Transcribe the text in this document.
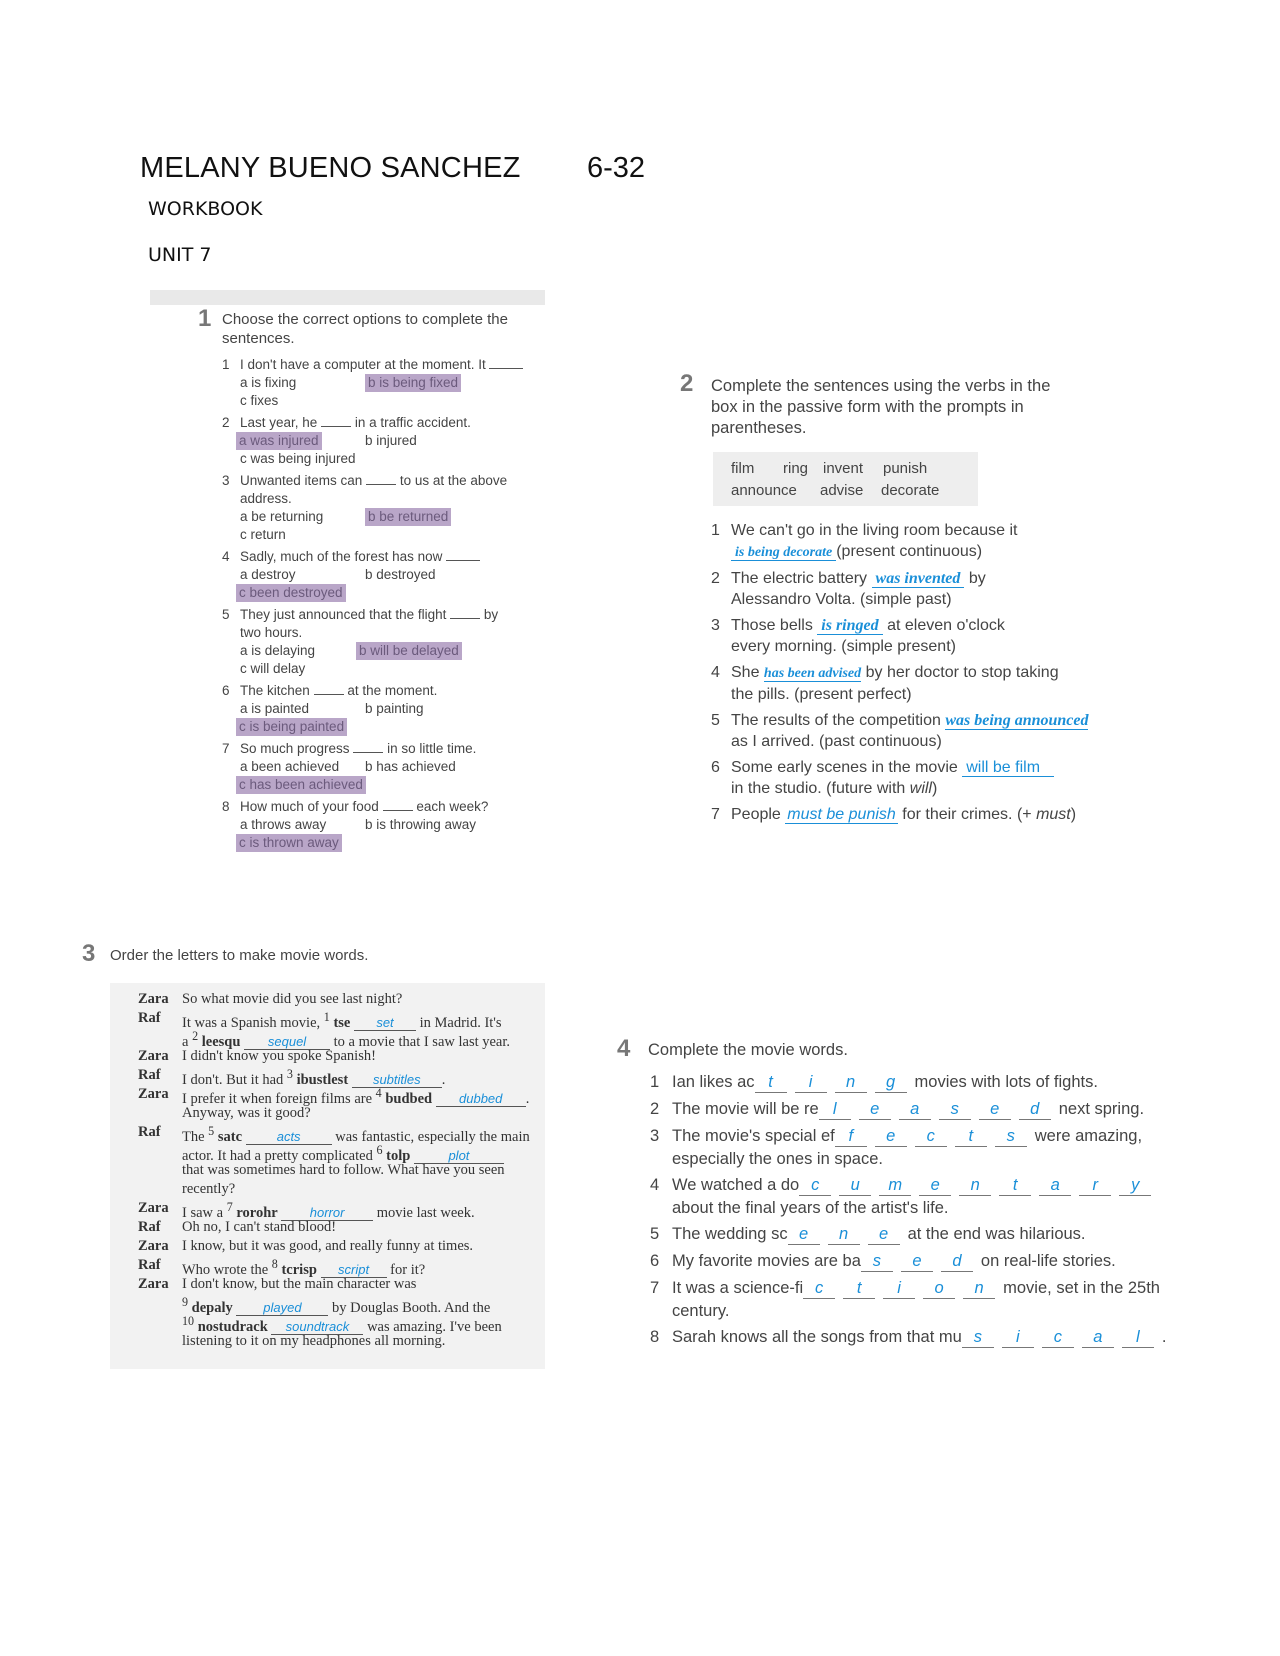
MELANY BUENO SANCHEZ 6-32
WORKBOOK
UNIT 7
1 Choose the correct options to complete the
sentences.
1 I don't have a computer at the moment. It
a is fixing	b is being fixed
c fixes
2 Last year, he	in a traffic accident.
a was injured	b injured
c was being injured
3 Unwanted items can	to us at the above
address.
a be returning	b be returned
c return
4 Sadly, much of the forest has now
a destroy	b destroyed
c been destroyed
5 They just announced that the flight	by
two hours.
a is delaying	b will be delayed
c will delay
6 The kitchen	at the moment.
a is painted	b painting
c is being painted
7 So much progress	in so little time.
a been achieved b has achieved
c has been achieved
8 How much of your food	each week?
a throws away	b is throwing away
c is thrown away
2 Complete the sentences using the verbs in the
box in the passive form with the prompts in
parentheses.
film ring invent punish
announce advise decorate
1 We can't go in the living room because it
is being decorate (present continuous)
2 The electric battery was invented by
Alessandro Volta. (simple past)
3 Those bells is ringed at eleven o'clock
every morning. (simple present)
4 She has been advised by her doctor to stop taking
the pills. (present perfect)
5 The results of the competition was being announced
as I arrived. (past continuous)
6 Some early scenes in the movie will be film
in the studio. (future with will)
7 People must be punish for their crimes. (+ must)
3 Order the letters to make movie words.
Zara So what movie did you see last night?
Raf It was a Spanish movie, $^1$ tse set in Madrid. It's
a $^2$ leesqu sequel to a movie that I saw last year.
Zara I didn't know you spoke Spanish!
Raf I don't. But it had $^3$ ibustlest subtitles .
Zara I prefer it when foreign films are $^4$ budbed dubbed .
Anyway, was it good?
Raf The $^5$ satc acts was fantastic, especially the main
actor. It had a pretty complicated $^6$ tolp	plot
that was sometimes hard to follow. What have you seen
recently?
Zara I saw a $^7$ rorohr horror movie last week.
Raf Oh no, I can't stand blood!
Zara I know, but it was good, and really funny at times.
Raf Who wrote the $^8$ tcrisp script for it?
Zara I don't know, but the main character was
$^9$ depaly played by Douglas Booth. And the
$^{10}$ nostudrack soundtrack was amazing. I've been
listening to it on my headphones all morning.
4 Complete the movie words.
1 Ian likes ac t i n g movies with lots of fights.
2 The movie will be re l e a s e d next spring.
3 The movie's special ef f e c t s were amazing,
especially the ones in space.
4 We watched a do c u m e n t a r y
about the final years of the artist's life.
5 The wedding sc e n e at the end was hilarious.
6 My favorite movies are ba s e d on real-life stories.
7 It was a science-fi c t i o n movie, set in the 25th
century.
8 Sarah knows all the songs from that mu s i c a l .
